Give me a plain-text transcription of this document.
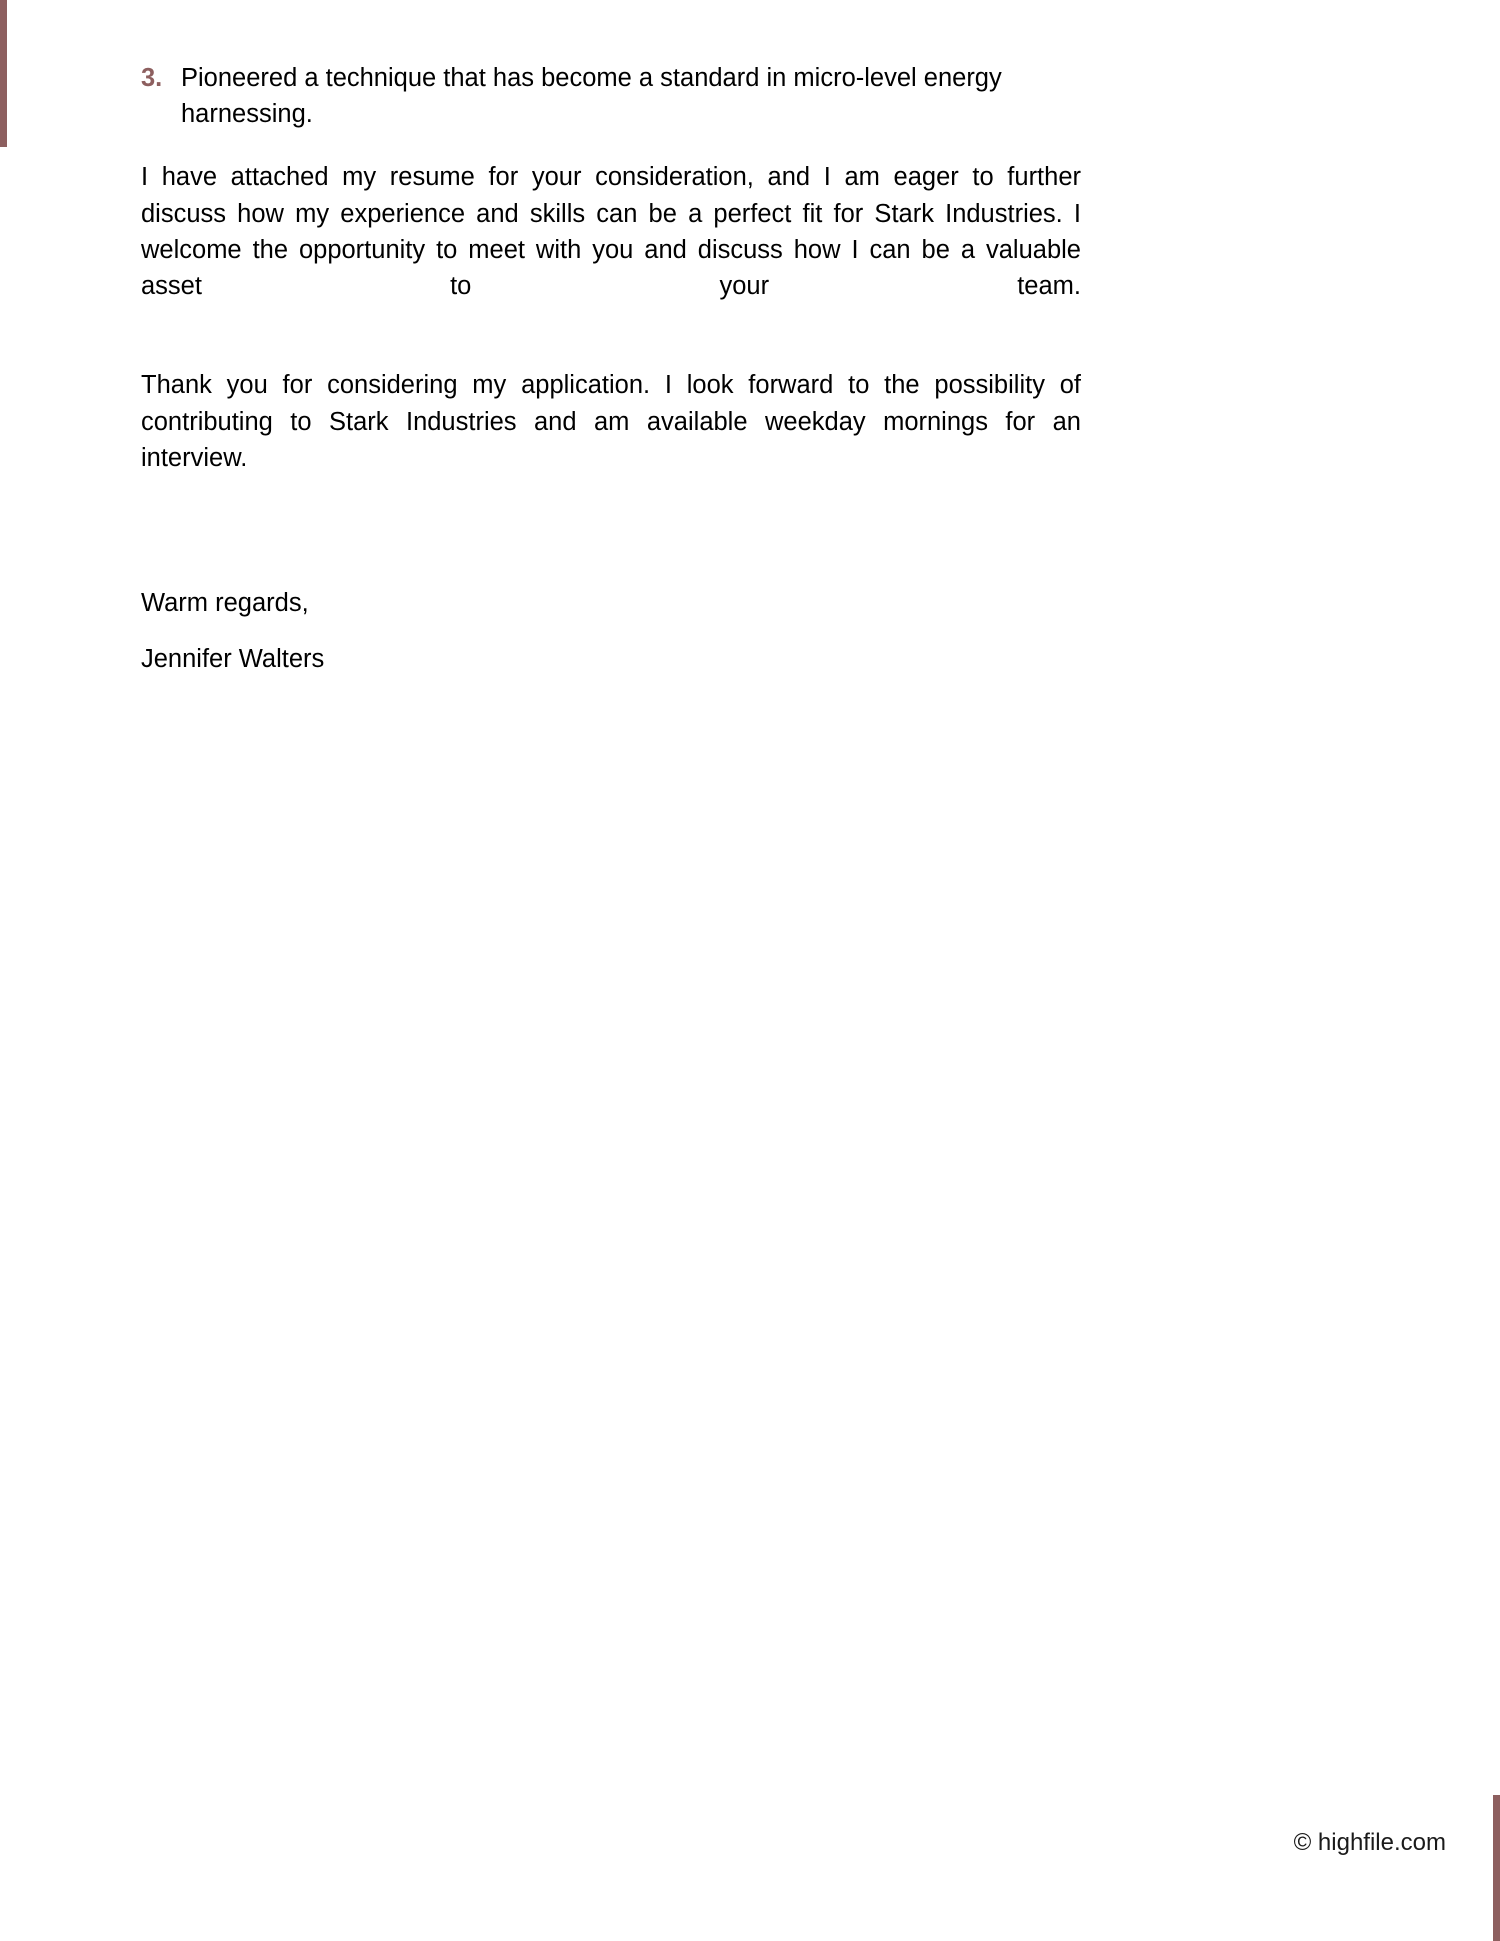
3. Pioneered a technique that has become a standard in micro-level energy harnessing.

I have attached my resume for your consideration, and I am eager to further discuss how my experience and skills can be a perfect fit for Stark Industries. I welcome the opportunity to meet with you and discuss how I can be a valuable asset to your team.

Thank you for considering my application. I look forward to the possibility of contributing to Stark Industries and am available weekday mornings for an interview.

Warm regards,

Jennifer Walters

© highfile.com
